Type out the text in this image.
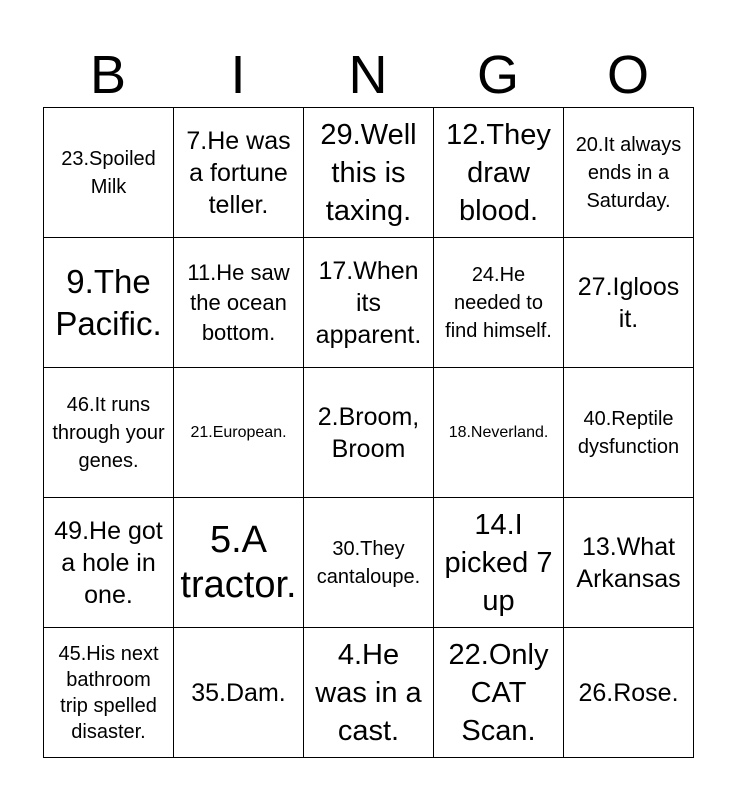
B	I	N	G	O
23.Spoiled Milk	7.He was a fortune teller.	29.Well this is taxing.	12.They draw blood.	20.It always ends in a Saturday.

9.The Pacific.	11.He saw the ocean bottom.	17.When its apparent.	24.He needed to find himself.	27.Igloos it.

46.It runs through your genes.	21.European.	2.Broom, Broom	18.Neverland.	40.Reptile dysfunction

49.He got a hole in one.	5.A tractor.	30.They cantaloupe.	14.I picked 7 up	13.What Arkansas

45.His next bathroom trip spelled disaster.	35.Dam.	4.He was in a cast.	22.Only CAT Scan.	26.Rose.
